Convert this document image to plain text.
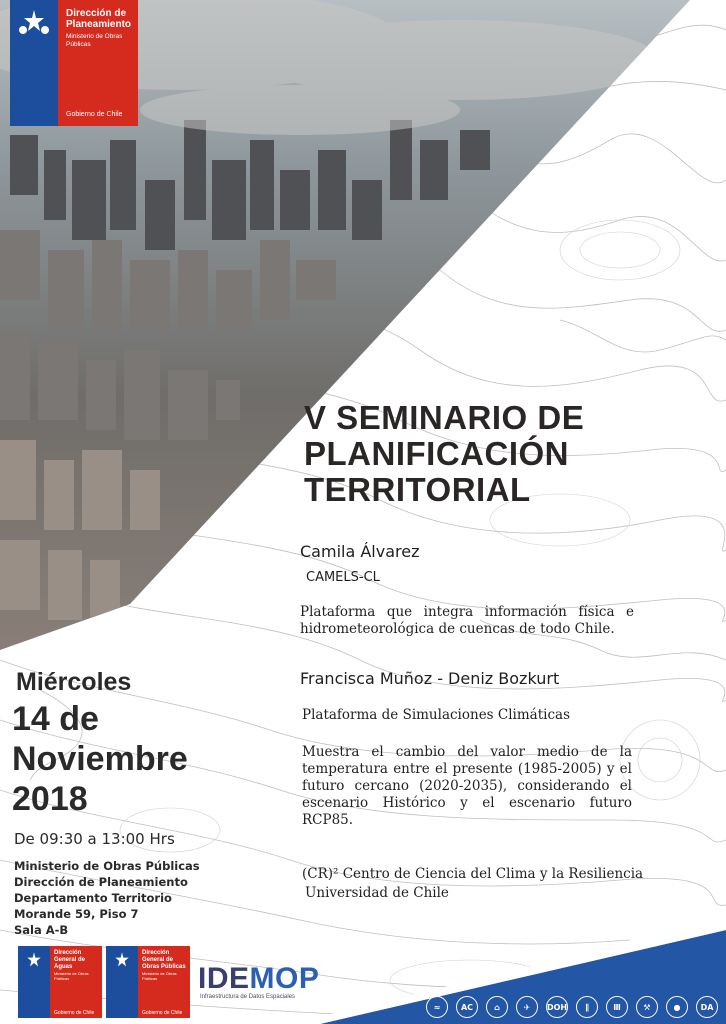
Dirección de Planeamiento
Ministerio de Obras Públicas
Gobierno de Chile
V SEMINARIO DE
PLANIFICACIÓN
TERRITORIAL
Camila Álvarez
CAMELS-CL
Plataforma que integra información física e hidrometeorológica de cuencas de todo Chile.
Francisca Muñoz - Deniz Bozkurt
Plataforma de Simulaciones Climáticas
Muestra el cambio del valor medio de la temperatura entre el presente (1985-2005) y el futuro cercano (2020-2035), considerando el escenario Histórico y el escenario futuro RCP85.
(CR)² Centro de Ciencia del Clima y la Resiliencia
Universidad de Chile
Miércoles
14 de
Noviembre
2018
De 09:30 a 13:00 Hrs
Ministerio de Obras Públicas
Dirección de Planeamiento
Departamento Territorio
Morande 59, Piso 7
Sala A-B
Dirección General de Aguas
Ministerio de Obras Públicas
Gobierno de Chile
Dirección General de Obras Públicas
Ministerio de Obras Públicas
Gobierno de Chile
IDEMOP
Infraestructura de Datos Espaciales
≈	AC	⌂	✈	DOH	∥	Ⅲ	⚒	●	DA
